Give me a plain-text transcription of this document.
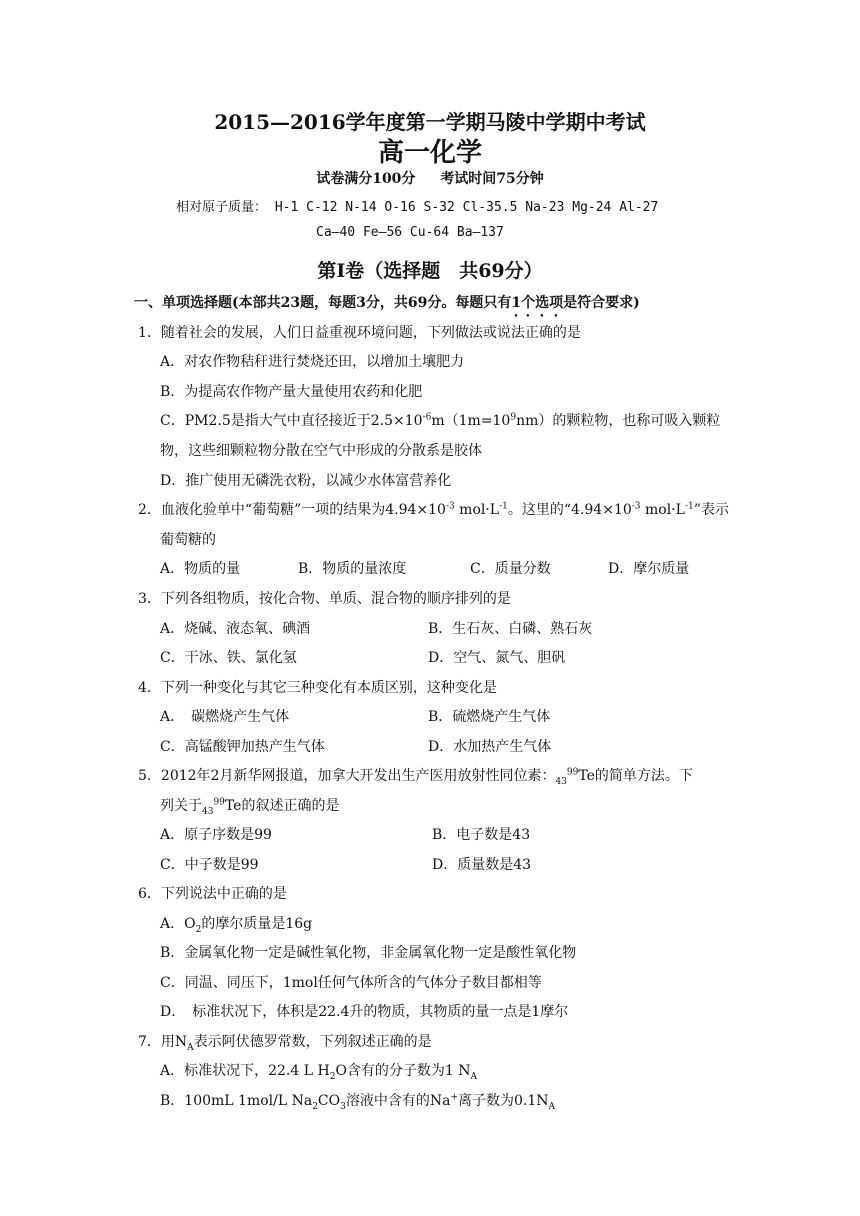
2015—2016学年度第一学期马陵中学期中考试
高一化学
试卷满分100分 考试时间75分钟
相对原子质量： H-1 C-12 N-14 O-16 S-32 Cl-35.5 Na-23 Mg-24 Al-27
Ca—40 Fe—56 Cu-64 Ba—137
第Ⅰ卷（选择题　共69分）
一、单项选择题(本部共23题，每题3分，共69分。每题只有1个选项是符合要求)
1．随着社会的发展，人们日益重视环境问题，下列做法或说法正确的是
A．对农作物秸秆进行焚烧还田，以增加土壤肥力
B．为提高农作物产量大量使用农药和化肥
C．PM2.5是指大气中直径接近于$2.5\times 10^{-6}m(1m=10^9nm)$的颗粒物，也称可吸入颗粒
物，这些细颗粒物分散在空气中形成的分散系是胶体
D．推广使用无磷洗衣粉，以减少水体富营养化
2．血液化验单中“葡萄糖”一项的结果为$4.94\times 10^{-3}$ $mol\cdot L^{-1}$。这里的“$4.94\times 10^{-3}$ $mol\cdot L^{-1}$”表示
葡萄糖的
A．物质的量	B．物质的量浓度	C．质量分数	D．摩尔质量
3．下列各组物质，按化合物、单质、混合物的顺序排列的是
A．烧碱、液态氧、碘酒	B．生石灰、白磷、熟石灰
C．干冰、铁、氯化氢	D．空气、氮气、胆矾
4．下列一种变化与其它三种变化有本质区别，这种变化是
A．　碳燃烧产生气体	B．硫燃烧产生气体
C．高锰酸钾加热产生气体	D．水加热产生气体
5．2012年2月新华网报道，加拿大开发出生产医用放射性同位素：$_{43}^{99}$Te的简单方法。下
列关于$_{43}^{99}$Te的叙述正确的是
A．原子序数是99	B．电子数是43
C．中子数是99	D．质量数是43
6．下列说法中正确的是
A．$O_2$的摩尔质量是16g
B．金属氧化物一定是碱性氧化物，非金属氧化物一定是酸性氧化物
C．同温、同压下，1mol任何气体所含的气体分子数目都相等
D．　标准状况下，体积是22.4升的物质，其物质的量一点是1摩尔
7．用$N_A$表示阿伏德罗常数，下列叙述正确的是
A．标准状况下，22.4 L $H_2O$含有的分子数为1 $N_A$
B．100mL 1mol/L $Na_2CO_3$溶液中含有的Na+离子数为$0.1N_A$
